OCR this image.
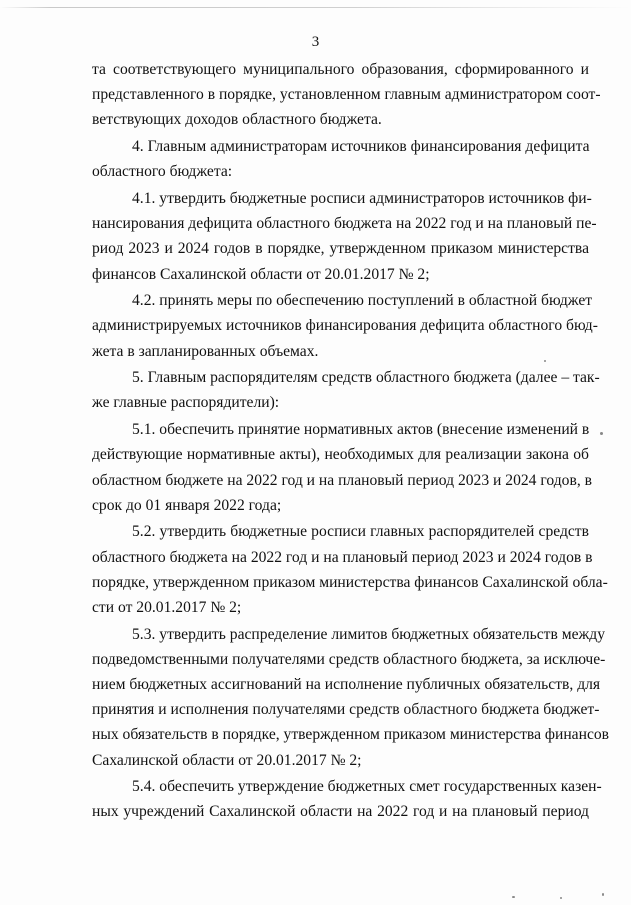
3
та соответствующего муниципального образования, сформированного и
представленного в порядке, установленном главным администратором соот-
ветствующих доходов областного бюджета.
4. Главным администраторам источников финансирования дефицита
областного бюджета:
4.1. утвердить бюджетные росписи администраторов источников фи-
нансирования дефицита областного бюджета на 2022 год и на плановый пе-
риод 2023 и 2024 годов в порядке, утвержденном приказом министерства
финансов Сахалинской области от 20.01.2017 № 2;
4.2. принять меры по обеспечению поступлений в областной бюджет
администрируемых источников финансирования дефицита областного бюд-
жета в запланированных объемах.
5. Главным распорядителям средств областного бюджета (далее – так-
же главные распорядители):
5.1. обеспечить принятие нормативных актов (внесение изменений в
действующие нормативные акты), необходимых для реализации закона об
областном бюджете на 2022 год и на плановый период 2023 и 2024 годов, в
срок до 01 января 2022 года;
5.2. утвердить бюджетные росписи главных распорядителей средств
областного бюджета на 2022 год и на плановый период 2023 и 2024 годов в
порядке, утвержденном приказом министерства финансов Сахалинской обла-
сти от 20.01.2017 № 2;
5.3. утвердить распределение лимитов бюджетных обязательств между
подведомственными получателями средств областного бюджета, за исключе-
нием бюджетных ассигнований на исполнение публичных обязательств, для
принятия и исполнения получателями средств областного бюджета бюджет-
ных обязательств в порядке, утвержденном приказом министерства финансов
Сахалинской области от 20.01.2017 № 2;
5.4. обеспечить утверждение бюджетных смет государственных казен-
ных учреждений Сахалинской области на 2022 год и на плановый период
